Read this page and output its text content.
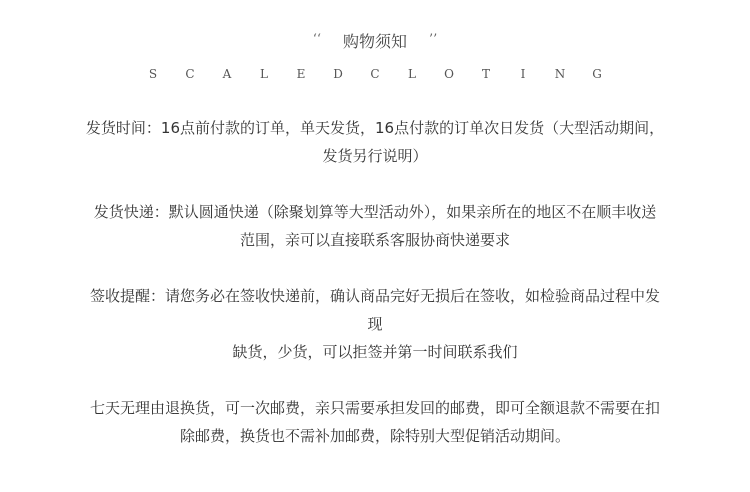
‘‘ 购物须知 ’’
S C A L E D C L O T	I N G
发货时间：16点前付款的订单，单天发货，16点付款的订单次日发货（大型活动期间，
发货另行说明）
发货快递：默认圆通快递（除聚划算等大型活动外），如果亲所在的地区不在顺丰收送
范围，亲可以直接联系客服协商快递要求
签收提醒：请您务必在签收快递前，确认商品完好无损后在签收，如检验商品过程中发
现
缺货，少货，可以拒签并第一时间联系我们
七天无理由退换货，可一次邮费，亲只需要承担发回的邮费，即可全额退款不需要在扣
除邮费，换货也不需补加邮费，除特别大型促销活动期间。
